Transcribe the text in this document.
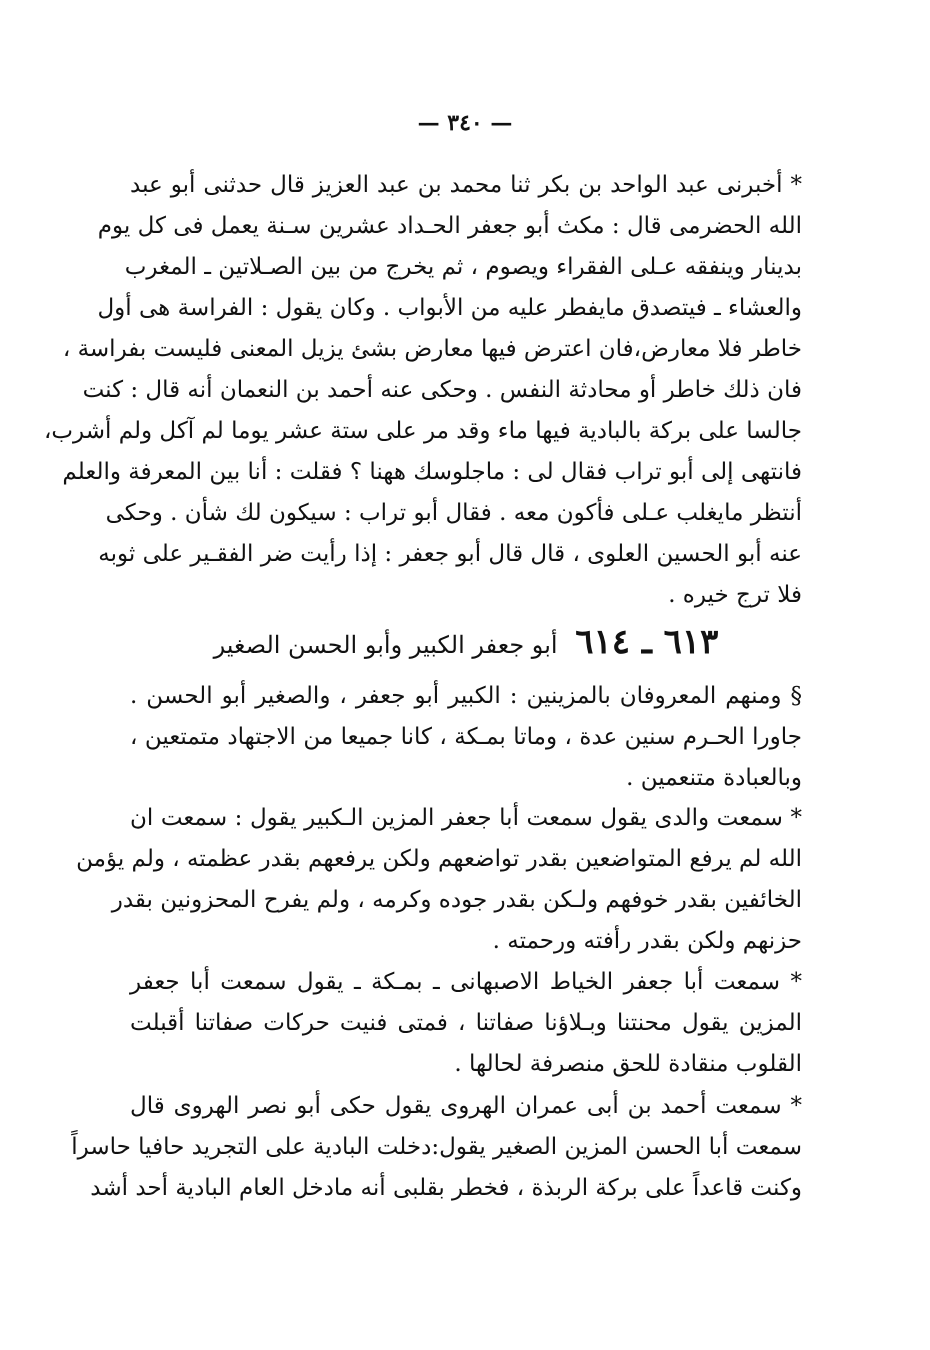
— ٣٤٠ —
* أخبرنى عبد الواحد بن بكر ثنا محمد بن عبد العزيز قال حدثنى أبو عبد
الله الحضرمى قال : مكث أبو جعفر الحـداد عشرين سـنة يعمل فى كل يوم
بدينار وينفقه عـلى الفقراء ويصوم ، ثم يخرج من بين الصـلاتين ـ المغرب
والعشاء ـ فيتصدق مايفطر عليه من الأبواب . وكان يقول : الفراسة هى أول
خاطر فلا معارض،فان اعترض فيها معارض بشئ يزيل المعنى فليست بفراسة ،
فان ذلك خاطر أو محادثة النفس . وحكى عنه أحمد بن النعمان أنه قال : كنت
جالسا على بركة بالبادية فيها ماء وقد مر على ستة عشر يوما لم آكل ولم أشرب،
فانتهى إلى أبو تراب فقال لى : ماجلوسك ههنا ؟ فقلت : أنا بين المعرفة والعلم
أنتظر مايغلب عـلى فأكون معه . فقال أبو تراب : سيكون لك شأن . وحكى
عنه أبو الحسين العلوى ، قال قال أبو جعفر : إذا رأيت ضر الفقـير على ثوبه
فلا ترج خيره .
٦١٣ ـ ٦١٤ أبو جعفر الكبير وأبو الحسن الصغير
§ ومنهم المعروفان بالمزينين : الكبير أبو جعفر ، والصغير أبو الحسن .
جاورا الحـرم سنين عدة ، وماتا بمـكة ، كانا جميعا من الاجتهاد متمتعين ،
وبالعبادة متنعمين .
* سمعت والدى يقول سمعت أبا جعفر المزين الـكبير يقول : سمعت ان
الله لم يرفع المتواضعين بقدر تواضعهم ولكن يرفعهم بقدر عظمته ، ولم يؤمن
الخائفين بقدر خوفهم ولـكن بقدر جوده وكرمه ، ولم يفرح المحزونين بقدر
حزنهم ولكن بقدر رأفته ورحمته .
* سمعت أبا جعفر الخياط الاصبهانى ـ بمـكة ـ يقول سمعت أبا جعفر
المزين يقول محنتنا وبـلاؤنا صفاتنا ، فمتى فنيت حركات صفاتنا أقبلت
القلوب منقادة للحق منصرفة لحالها .
* سمعت أحمد بن أبى عمران الهروى يقول حكى أبو نصر الهروى قال
سمعت أبا الحسن المزين الصغير يقول:دخلت البادية على التجريد حافيا حاسراً
وكنت قاعداً على بركة الربذة ، فخطر بقلبى أنه مادخل العام البادية أحد أشد
